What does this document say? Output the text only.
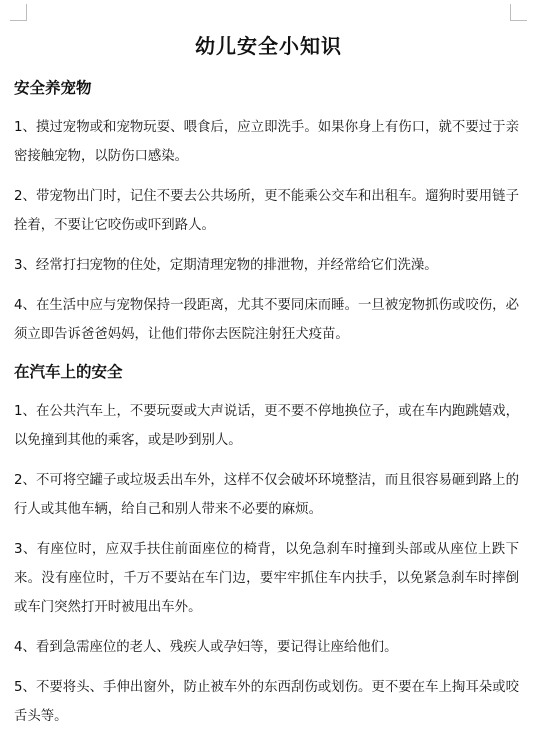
幼儿安全小知识
安全养宠物

1、摸过宠物或和宠物玩耍、喂食后，应立即洗手。如果你身上有伤口，就不要过于亲密接触宠物，以防伤口感染。

2、带宠物出门时，记住不要去公共场所，更不能乘公交车和出租车。遛狗时要用链子拴着，不要让它咬伤或吓到路人。

3、经常打扫宠物的住处，定期清理宠物的排泄物，并经常给它们洗澡。

4、在生活中应与宠物保持一段距离，尤其不要同床而睡。一旦被宠物抓伤或咬伤，必须立即告诉爸爸妈妈，让他们带你去医院注射狂犬疫苗。

在汽车上的安全

1、在公共汽车上，不要玩耍或大声说话，更不要不停地换位子，或在车内跑跳嬉戏，以免撞到其他的乘客，或是吵到别人。

2、不可将空罐子或垃圾丢出车外，这样不仅会破坏环境整洁，而且很容易砸到路上的行人或其他车辆，给自己和别人带来不必要的麻烦。

3、有座位时，应双手扶住前面座位的椅背，以免急刹车时撞到头部或从座位上跌下来。没有座位时，千万不要站在车门边，要牢牢抓住车内扶手，以免紧急刹车时摔倒或车门突然打开时被甩出车外。

4、看到急需座位的老人、残疾人或孕妇等，要记得让座给他们。

5、不要将头、手伸出窗外，防止被车外的东西刮伤或划伤。更不要在车上掏耳朵或咬舌头等。
